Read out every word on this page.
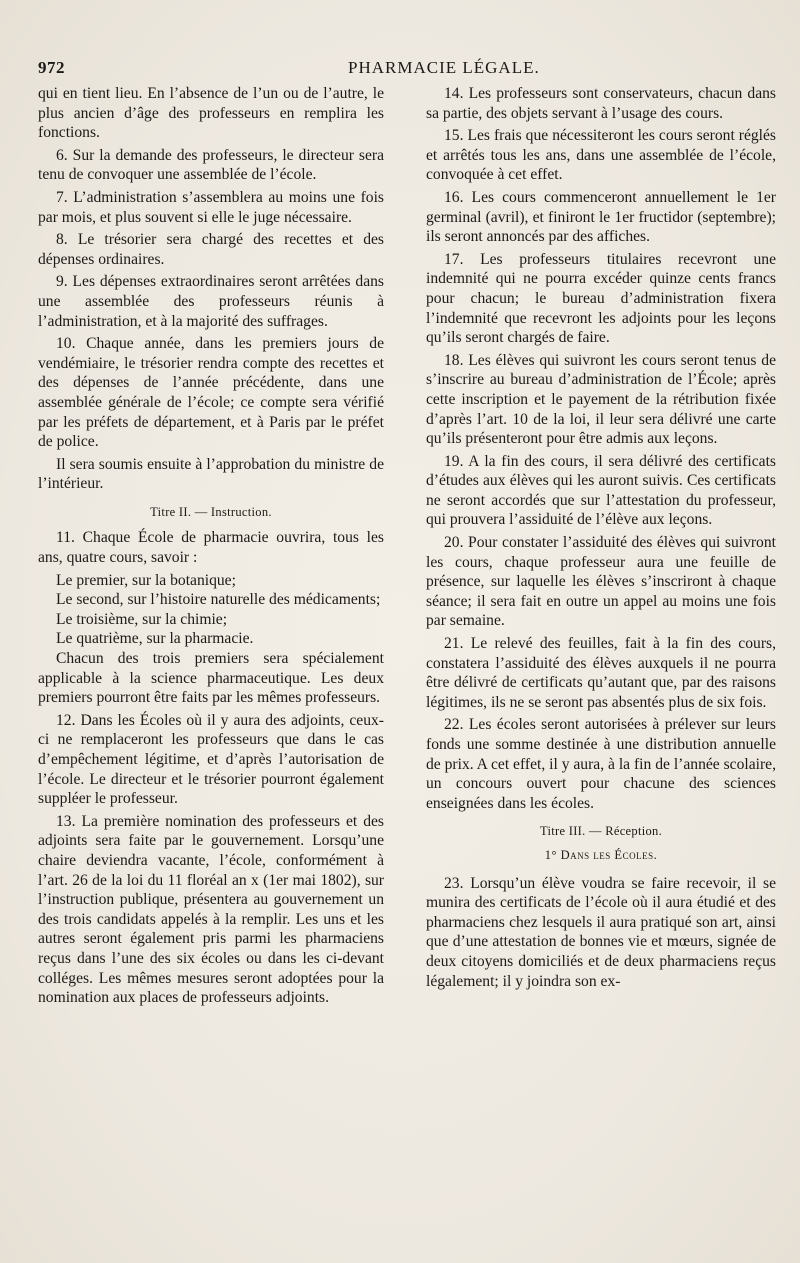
972	PHARMACIE LÉGALE.

qui en tient lieu. En l’absence de l’un ou de l’autre, le plus ancien d’âge des professeurs en remplira les fonctions.

6. Sur la demande des professeurs, le directeur sera tenu de convoquer une assemblée de l’école.

7. L’administration s’assemblera au moins une fois par mois, et plus souvent si elle le juge nécessaire.

8. Le trésorier sera chargé des recettes et des dépenses ordinaires.

9. Les dépenses extraordinaires seront arrêtées dans une assemblée des professeurs réunis à l’administration, et à la majorité des suffrages.

10. Chaque année, dans les premiers jours de vendémiaire, le trésorier rendra compte des recettes et des dépenses de l’année précédente, dans une assemblée générale de l’école; ce compte sera vérifié par les préfets de département, et à Paris par le préfet de police.

Il sera soumis ensuite à l’approbation du ministre de l’intérieur.

Titre II. — Instruction.

11. Chaque École de pharmacie ouvrira, tous les ans, quatre cours, savoir :

Le premier, sur la botanique;

Le second, sur l’histoire naturelle des médicaments;

Le troisième, sur la chimie;

Le quatrième, sur la pharmacie.

Chacun des trois premiers sera spécialement applicable à la science pharmaceutique. Les deux premiers pourront être faits par les mêmes professeurs.

12. Dans les Écoles où il y aura des adjoints, ceux-ci ne remplaceront les professeurs que dans le cas d’empêchement légitime, et d’après l’autorisation de l’école. Le directeur et le trésorier pourront également suppléer le professeur.

13. La première nomination des professeurs et des adjoints sera faite par le gouvernement. Lorsqu’une chaire deviendra vacante, l’école, conformément à l’art. 26 de la loi du 11 floréal an x (1er mai 1802), sur l’instruction publique, présentera au gouvernement un des trois candidats appelés à la remplir. Les uns et les autres seront également pris parmi les pharmaciens reçus dans l’une des six écoles ou dans les ci-devant colléges. Les mêmes mesures seront adoptées pour la nomination aux places de professeurs adjoints.

14. Les professeurs sont conservateurs, chacun dans sa partie, des objets servant à l’usage des cours.

15. Les frais que nécessiteront les cours seront réglés et arrêtés tous les ans, dans une assemblée de l’école, convoquée à cet effet.

16. Les cours commenceront annuellement le 1er germinal (avril), et finiront le 1er fructidor (septembre); ils seront annoncés par des affiches.

17. Les professeurs titulaires recevront une indemnité qui ne pourra excéder quinze cents francs pour chacun; le bureau d’administration fixera l’indemnité que recevront les adjoints pour les leçons qu’ils seront chargés de faire.

18. Les élèves qui suivront les cours seront tenus de s’inscrire au bureau d’administration de l’École; après cette inscription et le payement de la rétribution fixée d’après l’art. 10 de la loi, il leur sera délivré une carte qu’ils présenteront pour être admis aux leçons.

19. A la fin des cours, il sera délivré des certificats d’études aux élèves qui les auront suivis. Ces certificats ne seront accordés que sur l’attestation du professeur, qui prouvera l’assiduité de l’élève aux leçons.

20. Pour constater l’assiduité des élèves qui suivront les cours, chaque professeur aura une feuille de présence, sur laquelle les élèves s’inscriront à chaque séance; il sera fait en outre un appel au moins une fois par semaine.

21. Le relevé des feuilles, fait à la fin des cours, constatera l’assiduité des élèves auxquels il ne pourra être délivré de certificats qu’autant que, par des raisons légitimes, ils ne se seront pas absentés plus de six fois.

22. Les écoles seront autorisées à prélever sur leurs fonds une somme destinée à une distribution annuelle de prix. A cet effet, il y aura, à la fin de l’année scolaire, un concours ouvert pour chacune des sciences enseignées dans les écoles.

Titre III. — Réception.
1° Dans les Écoles.

23. Lorsqu’un élève voudra se faire recevoir, il se munira des certificats de l’école où il aura étudié et des pharmaciens chez lesquels il aura pratiqué son art, ainsi que d’une attestation de bonnes vie et mœurs, signée de deux citoyens domiciliés et de deux pharmaciens reçus légalement; il y joindra son ex-
